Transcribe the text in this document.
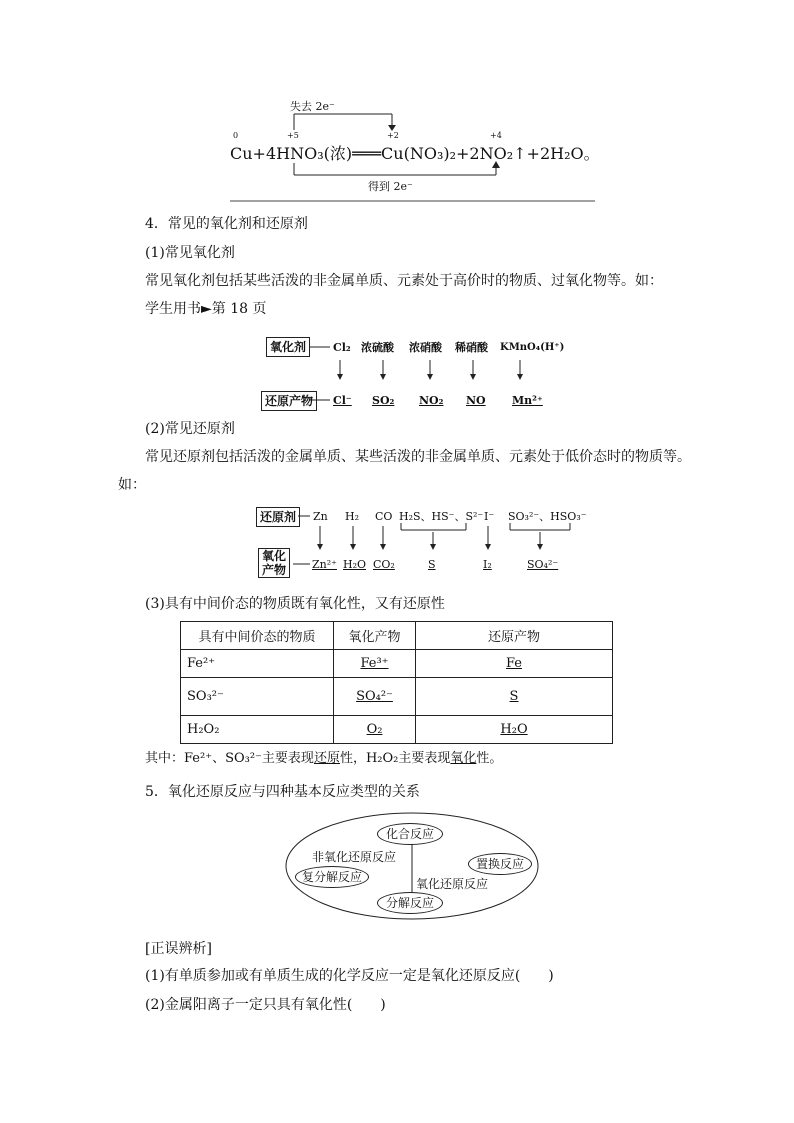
失去 2e⁻
得到 2e⁻
0	+5	+2	+4
Cu+4HNO₃(浓)═══Cu(NO₃)₂+2NO₂↑+2H₂O。
4．常见的氧化剂和还原剂
(1)常见氧化剂
常见氧化剂包括某些活泼的非金属单质、元素处于高价时的物质、过氧化物等。如：
学生用书►第 18 页
氧化剂	Cl₂ 浓硫酸 浓硝酸 稀硝酸 KMnO₄(H⁺)
还原产物	Cl⁻ SO₂ NO₂ NO Mn²⁺
(2)常见还原剂
常见还原剂包括活泼的金属单质、某些活泼的非金属单质、元素处于低价态时的物质等。
如：
还原剂	Zn H₂ CO H₂S、HS⁻、S²⁻ I⁻ SO₃²⁻、HSO₃⁻
氧化
产物 Zn²⁺ H₂O CO₂	S	I₂	SO₄²⁻
(3)具有中间价态的物质既有氧化性，又有还原性
具有中间价态的物质	氧化产物	还原产物
Fe²⁺	Fe³⁺	Fe
SO₃²⁻	SO₄²⁻	S
H₂O₂	O₂	H₂O
其中：Fe²⁺、SO₃²⁻主要表现还原性，H₂O₂主要表现氧化性。
5．氧化还原反应与四种基本反应类型的关系
化合反应
非氧化还原反应	置换反应
复分解反应	氧化还原反应
分解反应
[正误辨析]
(1)有单质参加或有单质生成的化学反应一定是氧化还原反应(　　)
(2)金属阳离子一定只具有氧化性(　　)
